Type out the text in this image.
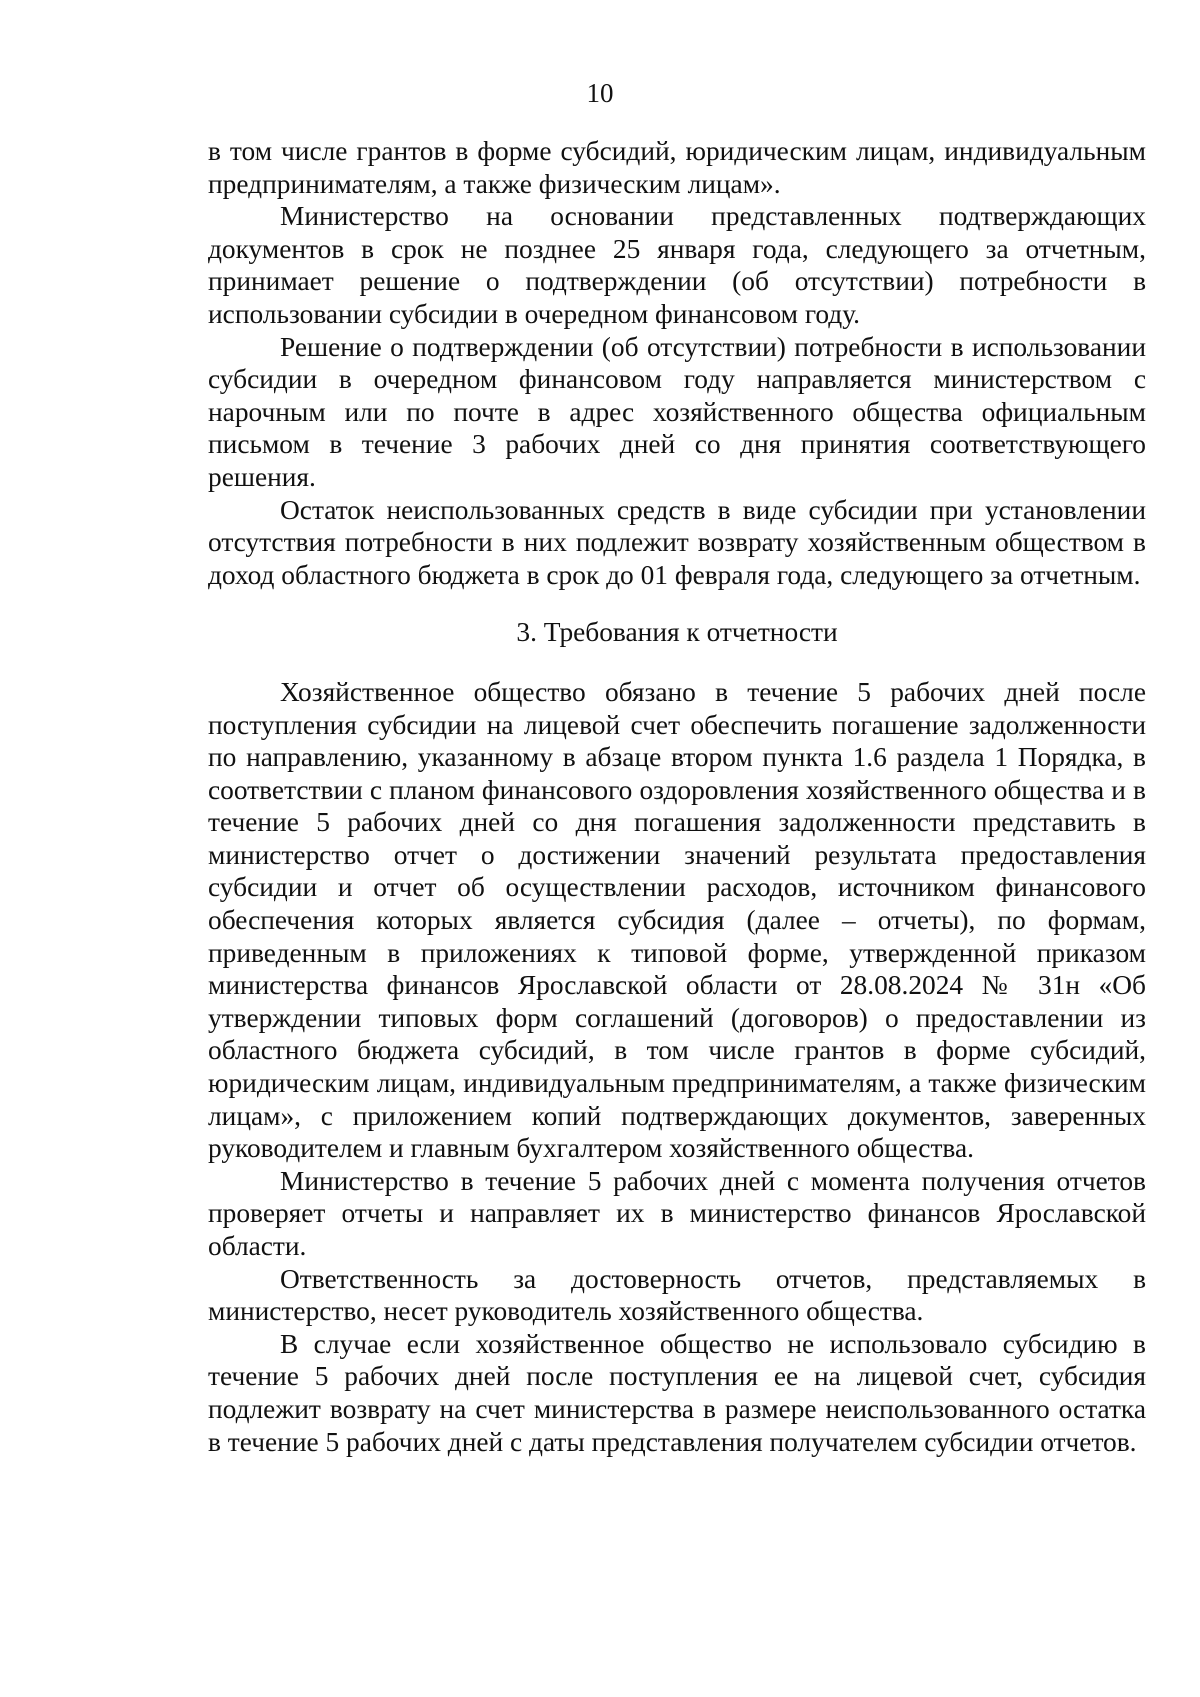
10

в том числе грантов в форме субсидий, юридическим лицам, индивидуальным предпринимателям, а также физическим лицам».

Министерство на основании представленных подтверждающих документов в срок не позднее 25 января года, следующего за отчетным, принимает решение о подтверждении (об отсутствии) потребности в использовании субсидии в очередном финансовом году.

Решение о подтверждении (об отсутствии) потребности в использовании субсидии в очередном финансовом году направляется министерством с нарочным или по почте в адрес хозяйственного общества официальным письмом в течение 3 рабочих дней со дня принятия соответствующего решения.

Остаток неиспользованных средств в виде субсидии при установлении отсутствия потребности в них подлежит возврату хозяйственным обществом в доход областного бюджета в срок до 01 февраля года, следующего за отчетным.

3. Требования к отчетности

Хозяйственное общество обязано в течение 5 рабочих дней после поступления субсидии на лицевой счет обеспечить погашение задолженности по направлению, указанному в абзаце втором пункта 1.6 раздела 1 Порядка, в соответствии с планом финансового оздоровления хозяйственного общества и в течение 5 рабочих дней со дня погашения задолженности представить в министерство отчет о достижении значений результата предоставления субсидии и отчет об осуществлении расходов, источником финансового обеспечения которых является субсидия (далее – отчеты), по формам, приведенным в приложениях к типовой форме, утвержденной приказом министерства финансов Ярославской области от 28.08.2024 № 31н «Об утверждении типовых форм соглашений (договоров) о предоставлении из областного бюджета субсидий, в том числе грантов в форме субсидий, юридическим лицам, индивидуальным предпринимателям, а также физическим лицам», с приложением копий подтверждающих документов, заверенных руководителем и главным бухгалтером хозяйственного общества.

Министерство в течение 5 рабочих дней с момента получения отчетов проверяет отчеты и направляет их в министерство финансов Ярославской области.

Ответственность за достоверность отчетов, представляемых в министерство, несет руководитель хозяйственного общества.

В случае если хозяйственное общество не использовало субсидию в течение 5 рабочих дней после поступления ее на лицевой счет, субсидия подлежит возврату на счет министерства в размере неиспользованного остатка в течение 5 рабочих дней с даты представления получателем субсидии отчетов.
